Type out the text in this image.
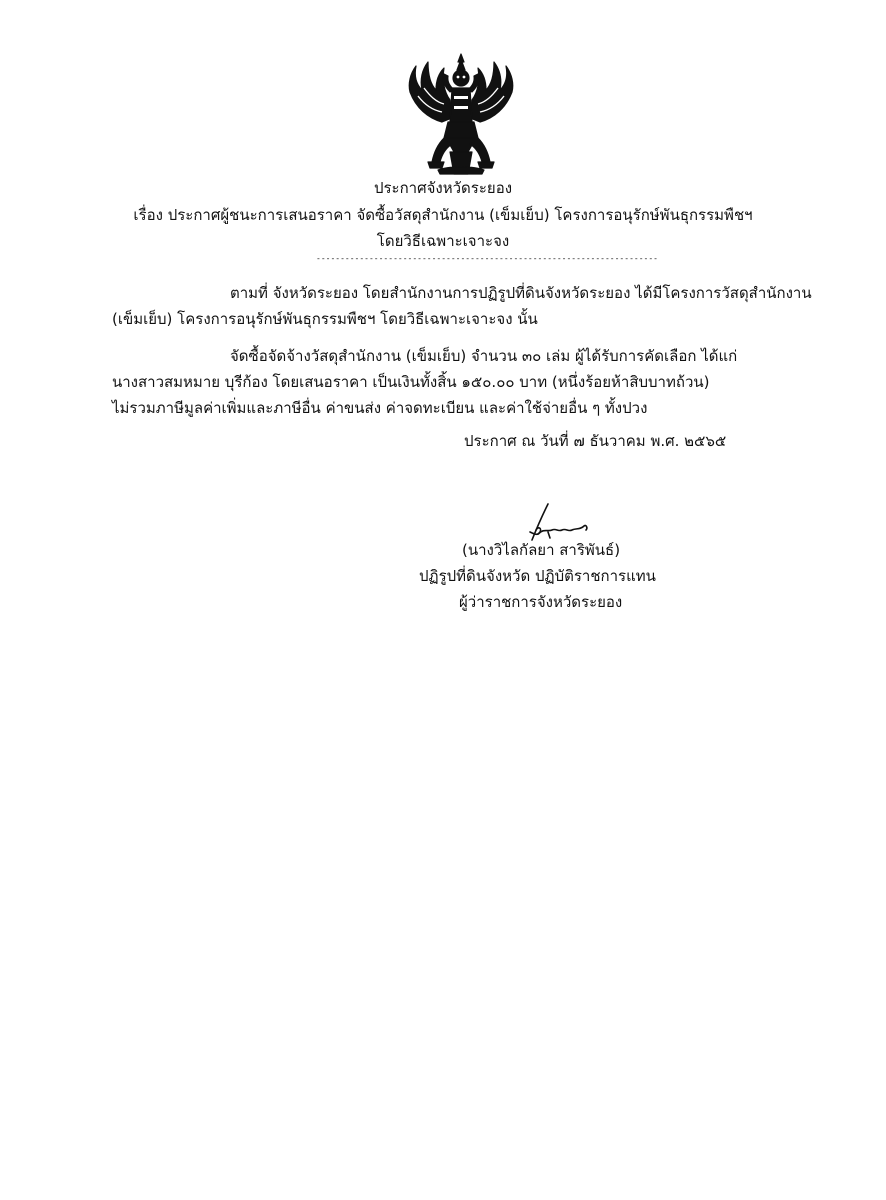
ประกาศจังหวัดระยอง
เรื่อง ประกาศผู้ชนะการเสนอราคา จัดซื้อวัสดุสำนักงาน (เข็มเย็บ) โครงการอนุรักษ์พันธุกรรมพืชฯ
โดยวิธีเฉพาะเจาะจง
-----------------------------------------------------------------------
ตามที่ จังหวัดระยอง โดยสำนักงานการปฏิรูปที่ดินจังหวัดระยอง ได้มีโครงการวัสดุสำนักงาน
(เข็มเย็บ) โครงการอนุรักษ์พันธุกรรมพืชฯ โดยวิธีเฉพาะเจาะจง นั้น
จัดซื้อจัดจ้างวัสดุสำนักงาน (เข็มเย็บ) จำนวน ๓๐ เล่ม ผู้ได้รับการคัดเลือก ได้แก่
นางสาวสมหมาย บุรีก้อง โดยเสนอราคา เป็นเงินทั้งสิ้น ๑๕๐.๐๐ บาท (หนึ่งร้อยห้าสิบบาทถ้วน)
ไม่รวมภาษีมูลค่าเพิ่มและภาษีอื่น ค่าขนส่ง ค่าจดทะเบียน และค่าใช้จ่ายอื่น ๆ ทั้งปวง
ประกาศ ณ วันที่ ๗ ธันวาคม พ.ศ. ๒๕๖๕
(นางวิไลกัลยา สาริพันธ์)
ปฏิรูปที่ดินจังหวัด ปฏิบัติราชการแทน
ผู้ว่าราชการจังหวัดระยอง
